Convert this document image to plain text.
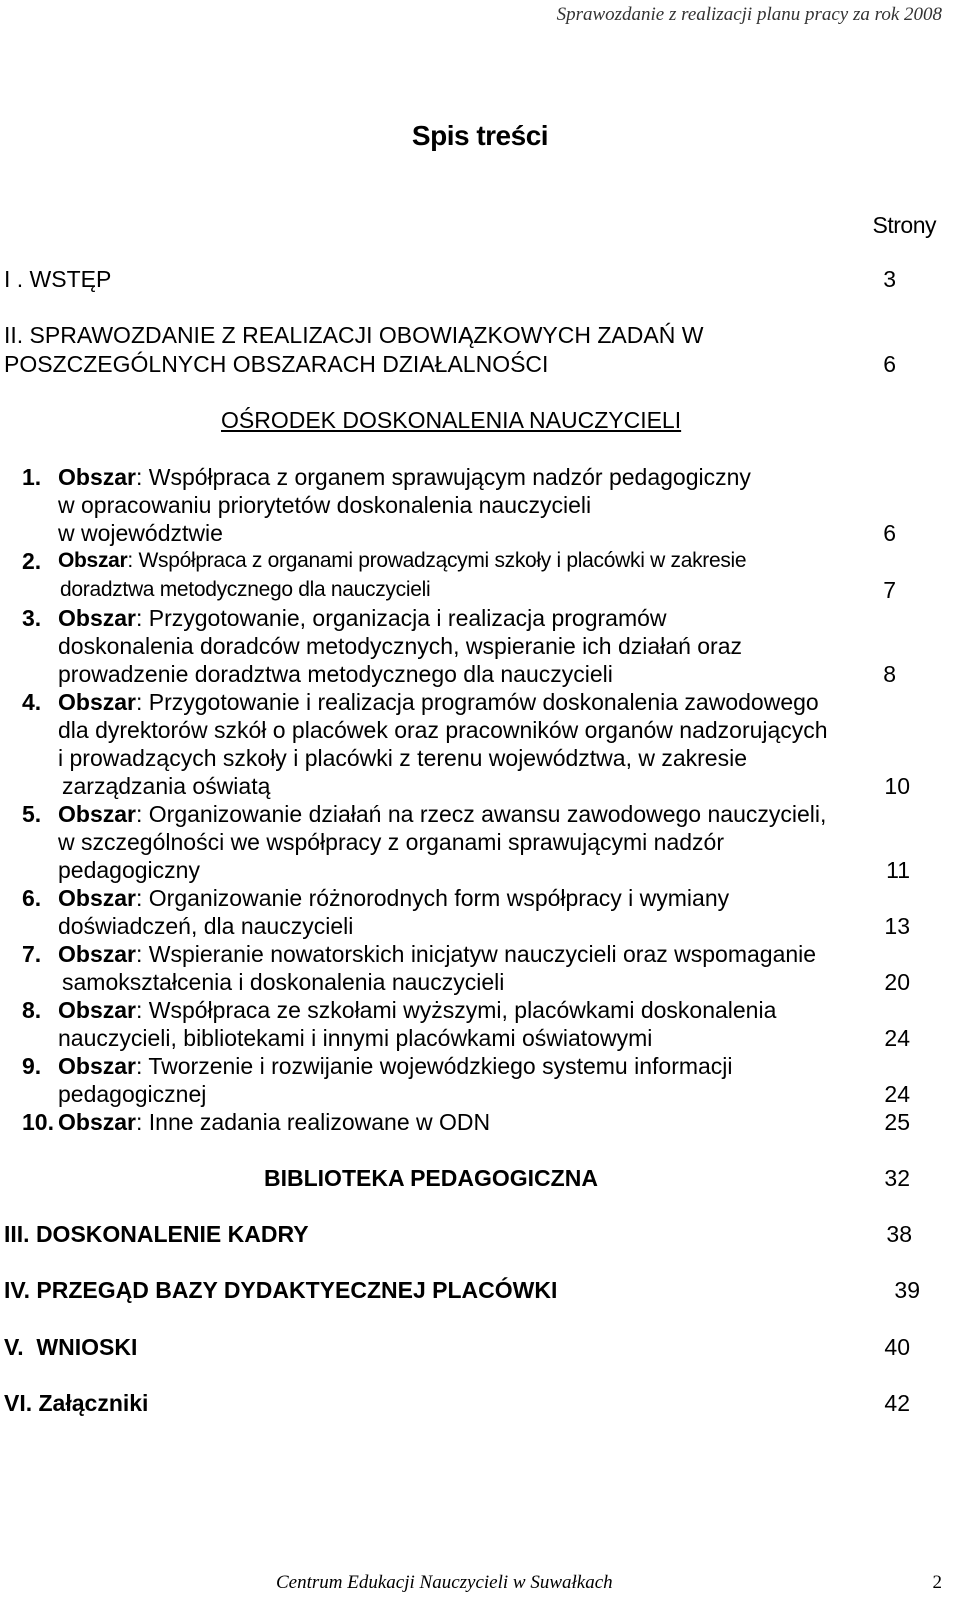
Sprawozdanie z realizacji planu pracy za rok 2008
Spis treści
Strony
I . WSTĘP	3
II. SPRAWOZDANIE Z REALIZACJI OBOWIĄZKOWYCH ZADAŃ W
POSZCZEGÓLNYCH OBSZARACH DZIAŁALNOŚCI	6
OŚRODEK DOSKONALENIA NAUCZYCIELI
1. Obszar: Współpraca z organem sprawującym nadzór pedagogiczny
w opracowaniu priorytetów doskonalenia nauczycieli
w województwie	6
2. Obszar: Współpraca z organami prowadzącymi szkoły i placówki w zakresie
doradztwa metodycznego dla nauczycieli	7
3. Obszar: Przygotowanie, organizacja i realizacja programów
doskonalenia doradców metodycznych, wspieranie ich działań oraz
prowadzenie doradztwa metodycznego dla nauczycieli	8
4. Obszar: Przygotowanie i realizacja programów doskonalenia zawodowego
dla dyrektorów szkół o placówek oraz pracowników organów nadzorujących
i prowadzących szkoły i placówki z terenu województwa, w zakresie
zarządzania oświatą	10
5. Obszar: Organizowanie działań na rzecz awansu zawodowego nauczycieli,
w szczególności we współpracy z organami sprawującymi nadzór
pedagogiczny	11
6. Obszar: Organizowanie różnorodnych form współpracy i wymiany
doświadczeń, dla nauczycieli	13
7. Obszar: Wspieranie nowatorskich inicjatyw nauczycieli oraz wspomaganie
samokształcenia i doskonalenia nauczycieli	20
8. Obszar: Współpraca ze szkołami wyższymi, placówkami doskonalenia
nauczycieli, bibliotekami i innymi placówkami oświatowymi	24
9. Obszar: Tworzenie i rozwijanie wojewódzkiego systemu informacji
pedagogicznej	24
10. Obszar: Inne zadania realizowane w ODN	25
BIBLIOTEKA PEDAGOGICZNA	32
III. DOSKONALENIE KADRY	38
IV. PRZEGĄD BAZY DYDAKTYECZNEJ PLACÓWKI	39
V.  WNIOSKI	40
VI. Załączniki	42
Centrum Edukacji Nauczycieli w Suwałkach	2
